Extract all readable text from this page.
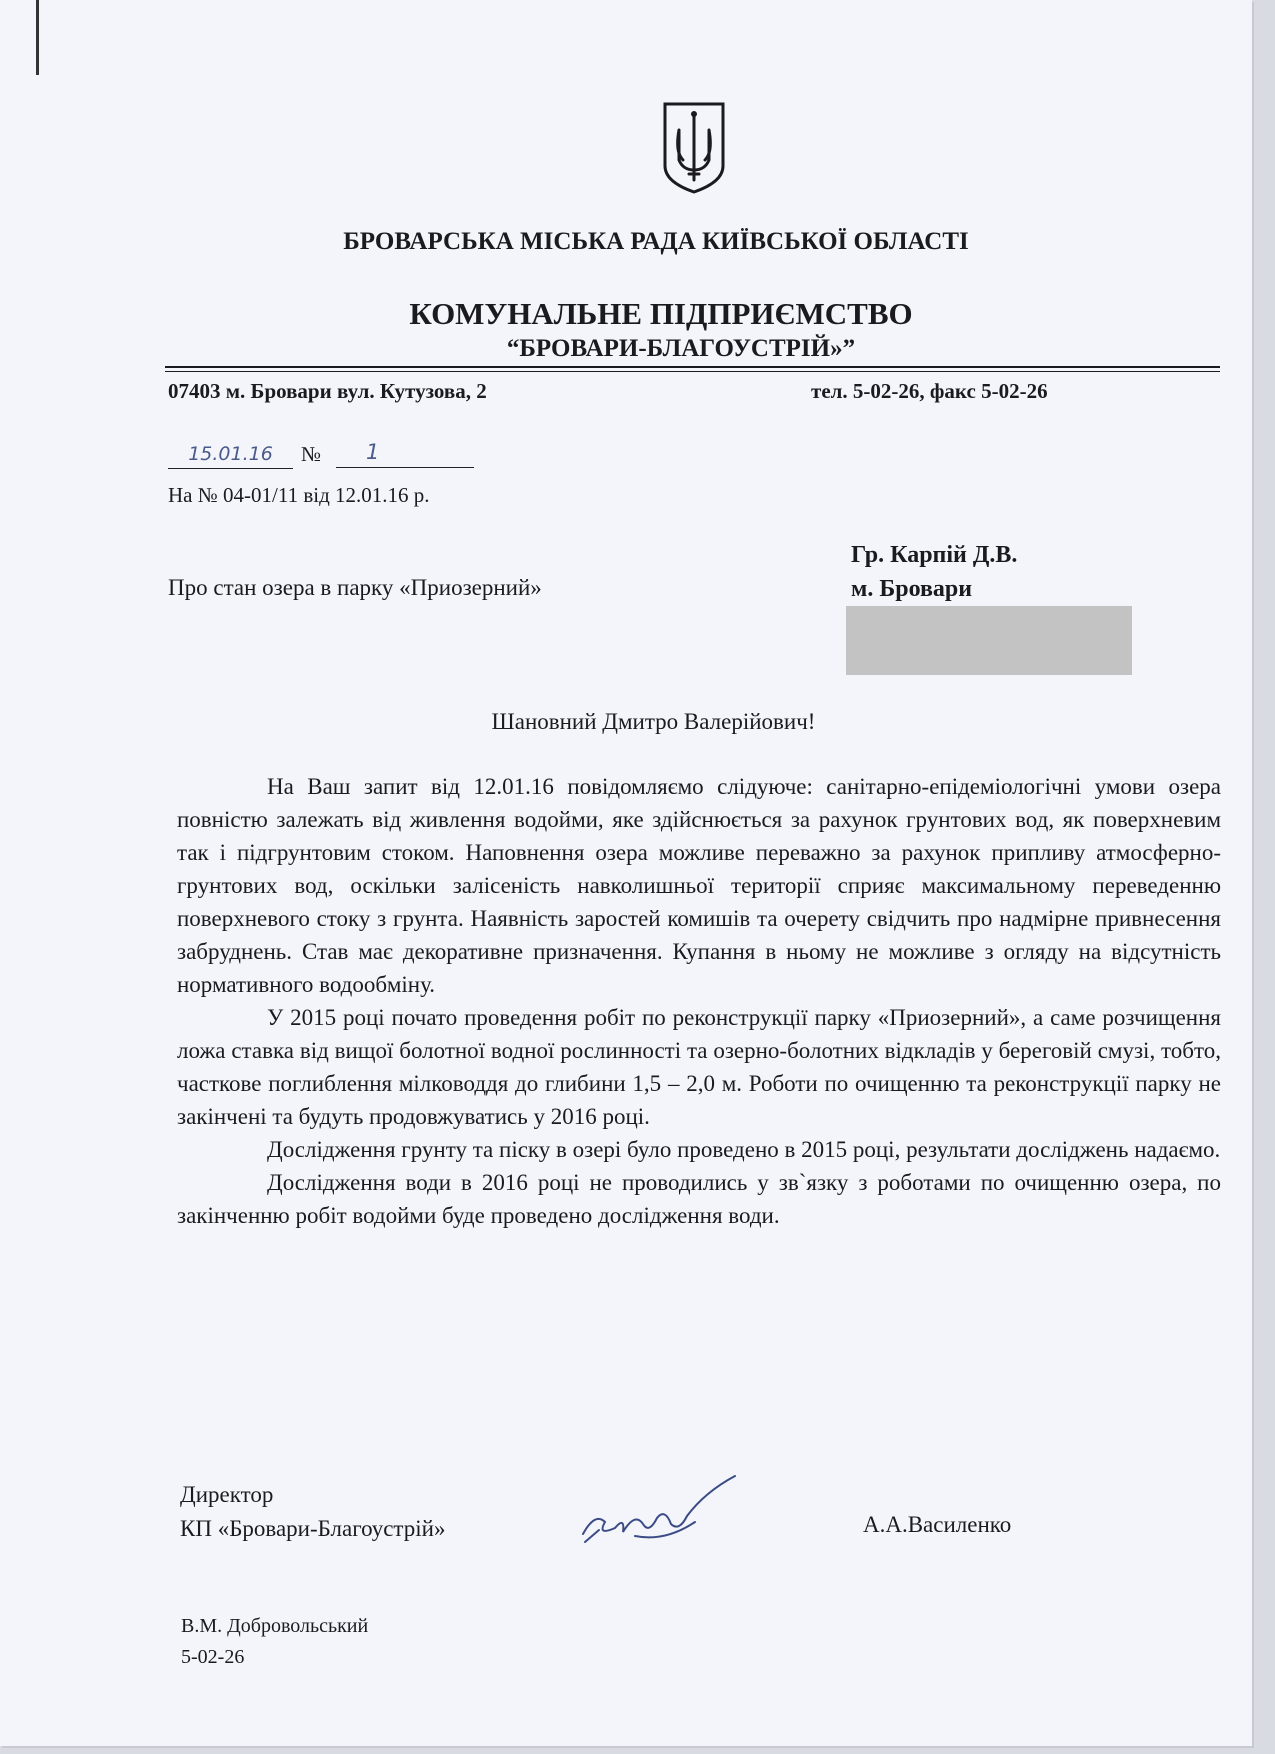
БРОВАРСЬКА МІСЬКА РАДА КИЇВСЬКОЇ ОБЛАСТІ
КОМУНАЛЬНЕ ПІДПРИЄМСТВО
“БРОВАРИ-БЛАГОУСТРІЙ»”
07403 м. Бровари вул. Кутузова, 2	тел. 5-02-26, факс 5-02-26
15.01.16	№	1
На № 04-01/11 від 12.01.16 р.
Про стан озера в парку «Приозерний»
Гр. Карпій Д.В.
м. Бровари
Шановний Дмитро Валерійович!

На Ваш запит від 12.01.16 повідомляємо слідуюче: санітарно-епідеміологічні умови озера повністю залежать від живлення водойми, яке здійснюється за рахунок грунтових вод, як поверхневим так і підгрунтовим стоком. Наповнення озера можливе переважно за рахунок припливу атмосферно-грунтових вод, оскільки залісеність навколишньої території сприяє максимальному переведенню поверхневого стоку з грунта. Наявність заростей комишів та очерету свідчить про надмірне привнесення забруднень. Став має декоративне призначення. Купання в ньому не можливе з огляду на відсутність нормативного водообміну.

У 2015 році почато проведення робіт по реконструкції парку «Приозерний», а саме розчищення ложа ставка від вищої болотної водної рослинності та озерно-болотних відкладів у береговій смузі, тобто, часткове поглиблення мілководдя до глибини 1,5 – 2,0 м. Роботи по очищенню та реконструкції парку не закінчені та будуть продовжуватись у 2016 році.

Дослідження грунту та піску в озері було проведено в 2015 році, результати досліджень надаємо.

Дослідження води в 2016 році не проводились у зв`язку з роботами по очищенню озера, по закінченню робіт водойми буде проведено дослідження води.

Директор
КП «Бровари-Благоустрій»	А.А.Василенко
В.М. Добровольський
5-02-26
